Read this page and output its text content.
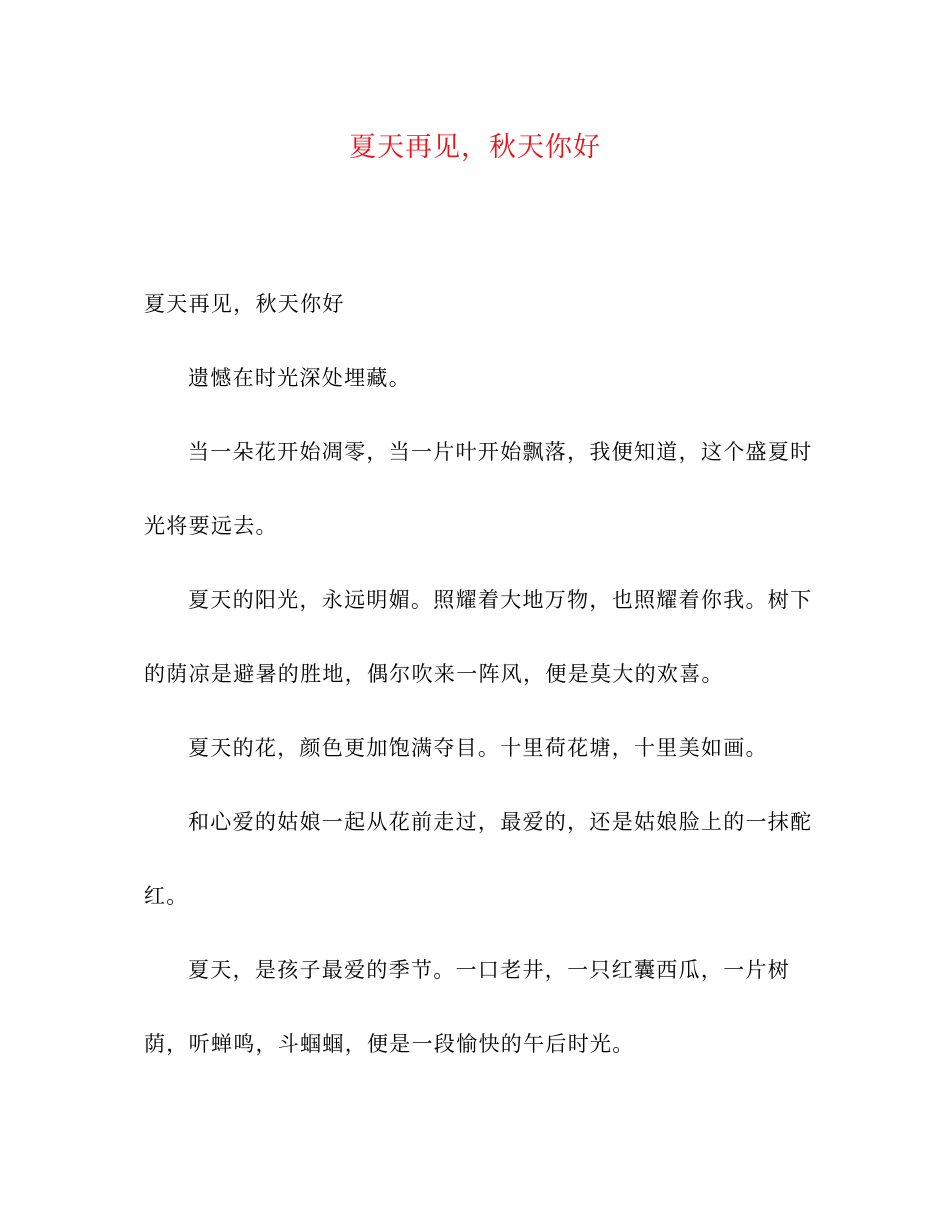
夏天再见，秋天你好
夏天再见，秋天你好
遗憾在时光深处埋藏。
当一朵花开始凋零，当一片叶开始飘落，我便知道，这个盛夏时
光将要远去。
夏天的阳光，永远明媚。照耀着大地万物，也照耀着你我。树下
的荫凉是避暑的胜地，偶尔吹来一阵风，便是莫大的欢喜。
夏天的花，颜色更加饱满夺目。十里荷花塘，十里美如画。
和心爱的姑娘一起从花前走过，最爱的，还是姑娘脸上的一抹酡
红。
夏天，是孩子最爱的季节。一口老井，一只红囊西瓜，一片树
荫，听蝉鸣，斗蝈蝈，便是一段愉快的午后时光。
